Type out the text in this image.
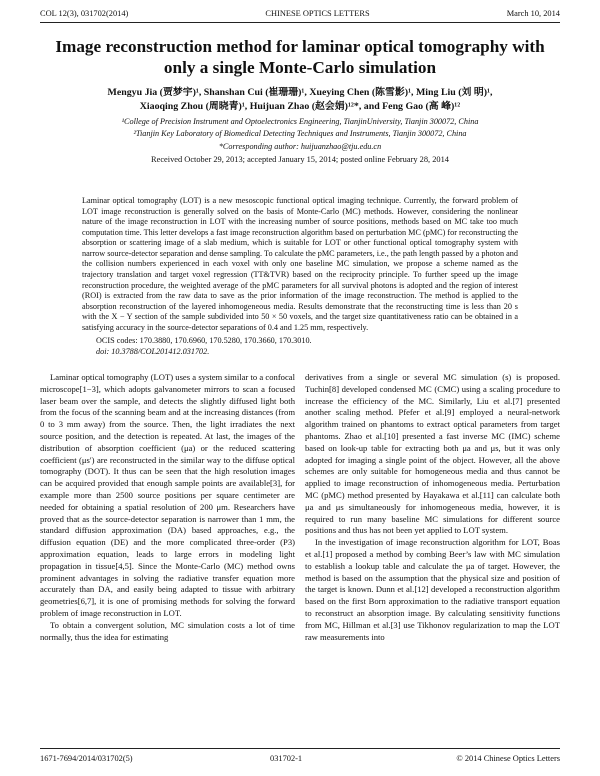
COL 12(3), 031702(2014)	CHINESE OPTICS LETTERS	March 10, 2014
Image reconstruction method for laminar optical tomography with only a single Monte-Carlo simulation
Mengyu Jia (贾梦宇)¹, Shanshan Cui (崔珊珊)¹, Xueying Chen (陈雪影)¹, Ming Liu (刘 明)¹,
Xiaoqing Zhou (周晓青)¹, Huijuan Zhao (赵会娟)¹²*, and Feng Gao (高 峰)¹²
¹College of Precision Instrument and Optoelectronics Engineering, TianjinUniversity, Tianjin 300072, China
²Tianjin Key Laboratory of Biomedical Detecting Techniques and Instruments, Tianjin 300072, China
*Corresponding author: huijuanzhao@tju.edu.cn
Received October 29, 2013; accepted January 15, 2014; posted online February 28, 2014

Laminar optical tomography (LOT) is a new mesoscopic functional optical imaging technique. Currently, the forward problem of LOT image reconstruction is generally solved on the basis of Monte-Carlo (MC) methods. However, considering the nonlinear nature of the image reconstruction in LOT with the increasing number of source positions, methods based on MC take too much computation time. This letter develops a fast image reconstruction algorithm based on perturbation MC (pMC) for reconstructing the absorption or scattering image of a slab medium, which is suitable for LOT or other functional optical tomography system with narrow source-detector separation and dense sampling. To calculate the pMC parameters, i.e., the path length passed by a photon and the collision numbers experienced in each voxel with only one baseline MC simulation, we propose a scheme named as the trajectory translation and target voxel regression (TT&TVR) based on the reciprocity principle. To further speed up the image reconstruction procedure, the weighted average of the pMC parameters for all survival photons is adopted and the region of interest (ROI) is extracted from the raw data to save as the prior information of the image reconstruction. The method is applied to the absorption reconstruction of the layered inhomogeneous media. Results demonstrate that the reconstructing time is less than 20 s with the X − Y section of the sample subdivided into 50 × 50 voxels, and the target size quantitativeness ratio can be obtained in a satisfying accuracy in the source-detector separations of 0.4 and 1.25 mm, respectively.

OCIS codes: 170.3880, 170.6960, 170.5280, 170.3660, 170.3010.
doi: 10.3788/COL201412.031702.

Laminar optical tomography (LOT) uses a system similar to a confocal microscope[1−3], which adopts galvanometer mirrors to scan a focused laser beam over the sample, and detects the slightly diffused light both from the focus of the scanning beam and at the increasing distances (from 0 to 3 mm away) from the source. Then, the light irradiates the next source position, and the detection is repeated. At last, the images of the distribution of absorption coefficient (μa) or the reduced scattering coefficient (μs′) are reconstructed in the similar way to the diffuse optical tomography (DOT). It thus can be seen that the high resolution images can be acquired provided that enough sample points are available[3], for example more than 2500 source positions per square centimeter are needed for obtaining a spatial resolution of 200 μm. Researchers have proved that as the source-detector separation is narrower than 1 mm, the standard diffusion approximation (DA) based approaches, e.g., the diffusion equation (DE) and the more complicated three-order (P3) approximation equation, leads to large errors in modeling light propagation in tissue[4,5]. Since the Monte-Carlo (MC) method owns prominent advantages in solving the radiative transfer equation more accurately than DA, and easily being adapted to tissue with arbitrary geometries[6,7], it is one of promising methods for solving the forward problem of image reconstruction in LOT.

To obtain a convergent solution, MC simulation costs a lot of time normally, thus the idea for estimating

derivatives from a single or several MC simulation (s) is proposed. Tuchin[8] developed condensed MC (CMC) using a scaling procedure to increase the efficiency of the MC. Similarly, Liu et al.[7] presented another scaling method. Pfefer et al.[9] employed a neural-network algorithm trained on phantoms to extract optical parameters from target phantoms. Zhao et al.[10] presented a fast inverse MC (IMC) scheme based on look-up table for extracting both μa and μs, but it was only adopted for imaging a single point of the object. However, all the above schemes are only suitable for homogeneous media and thus cannot be applied to image reconstruction of inhomogeneous media. Perturbation MC (pMC) method presented by Hayakawa et al.[11] can calculate both μa and μs simultaneously for inhomogeneous media, however, it is required to run many baseline MC simulations for different source positions and thus has not been yet applied to LOT system.

In the investigation of image reconstruction algorithm for LOT, Boas et al.[1] proposed a method by combing Beer’s law with MC simulation to establish a lookup table and calculate the μa of target. However, the method is based on the assumption that the physical size and position of the target is known. Dunn et al.[12] developed a reconstruction algorithm based on the first Born approximation to the radiative transport equation to reconstruct an absorption image. By calculating sensitivity functions from MC, Hillman et al.[3] use Tikhonov regularization to map the LOT raw measurements into

1671-7694/2014/031702(5)	031702-1	© 2014 Chinese Optics Letters
